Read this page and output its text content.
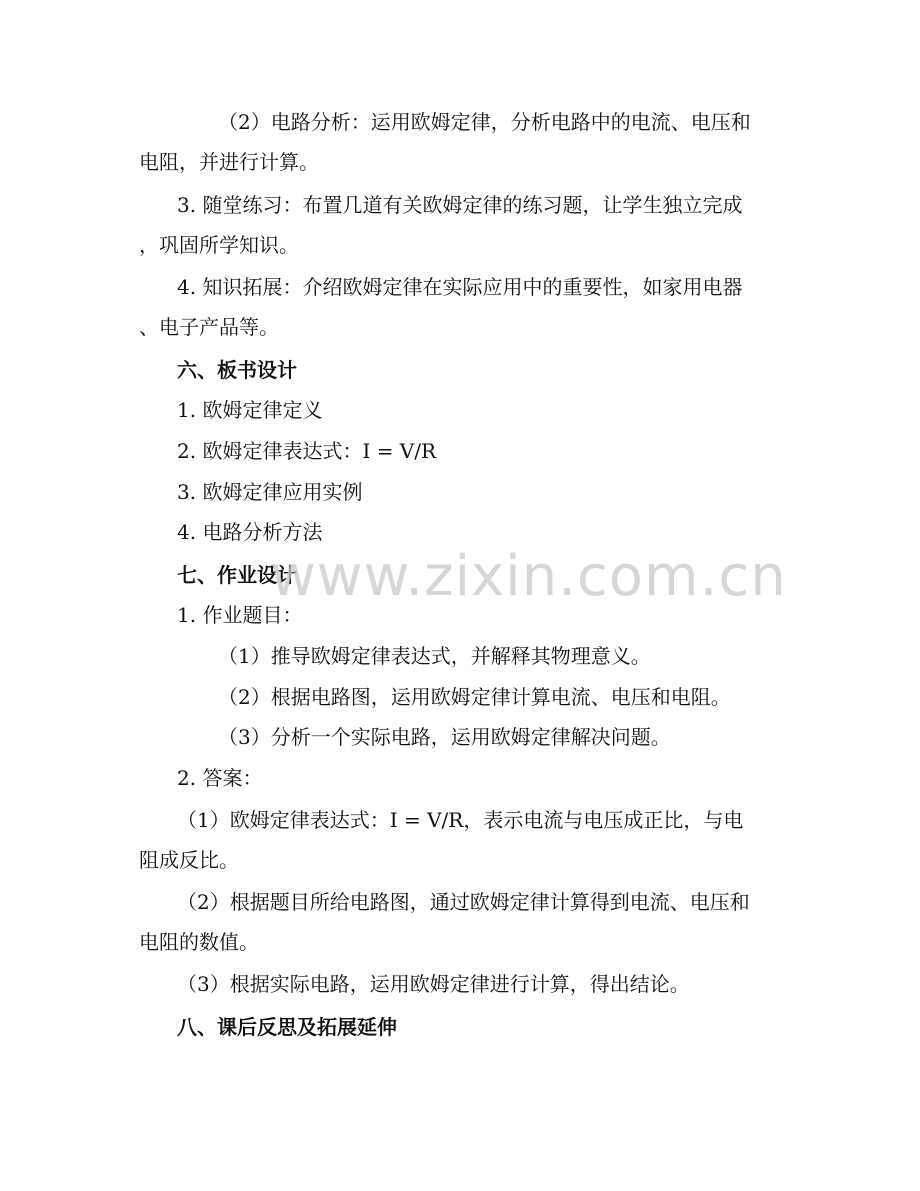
（2）电路分析：运用欧姆定律，分析电路中的电流、电压和
电阻，并进行计算。
3. 随堂练习：布置几道有关欧姆定律的练习题，让学生独立完成
，巩固所学知识。
4. 知识拓展：介绍欧姆定律在实际应用中的重要性，如家用电器
、电子产品等。
六、板书设计
1. 欧姆定律定义
2. 欧姆定律表达式：I = V/R
3. 欧姆定律应用实例
4. 电路分析方法
七、作业设计
1. 作业题目：
（1）推导欧姆定律表达式，并解释其物理意义。
（2）根据电路图，运用欧姆定律计算电流、电压和电阻。
（3）分析一个实际电路，运用欧姆定律解决问题。
2. 答案：
（1）欧姆定律表达式：I = V/R，表示电流与电压成正比，与电
阻成反比。
（2）根据题目所给电路图，通过欧姆定律计算得到电流、电压和
电阻的数值。
（3）根据实际电路，运用欧姆定律进行计算，得出结论。
八、课后反思及拓展延伸
www.zixin.com.cn
